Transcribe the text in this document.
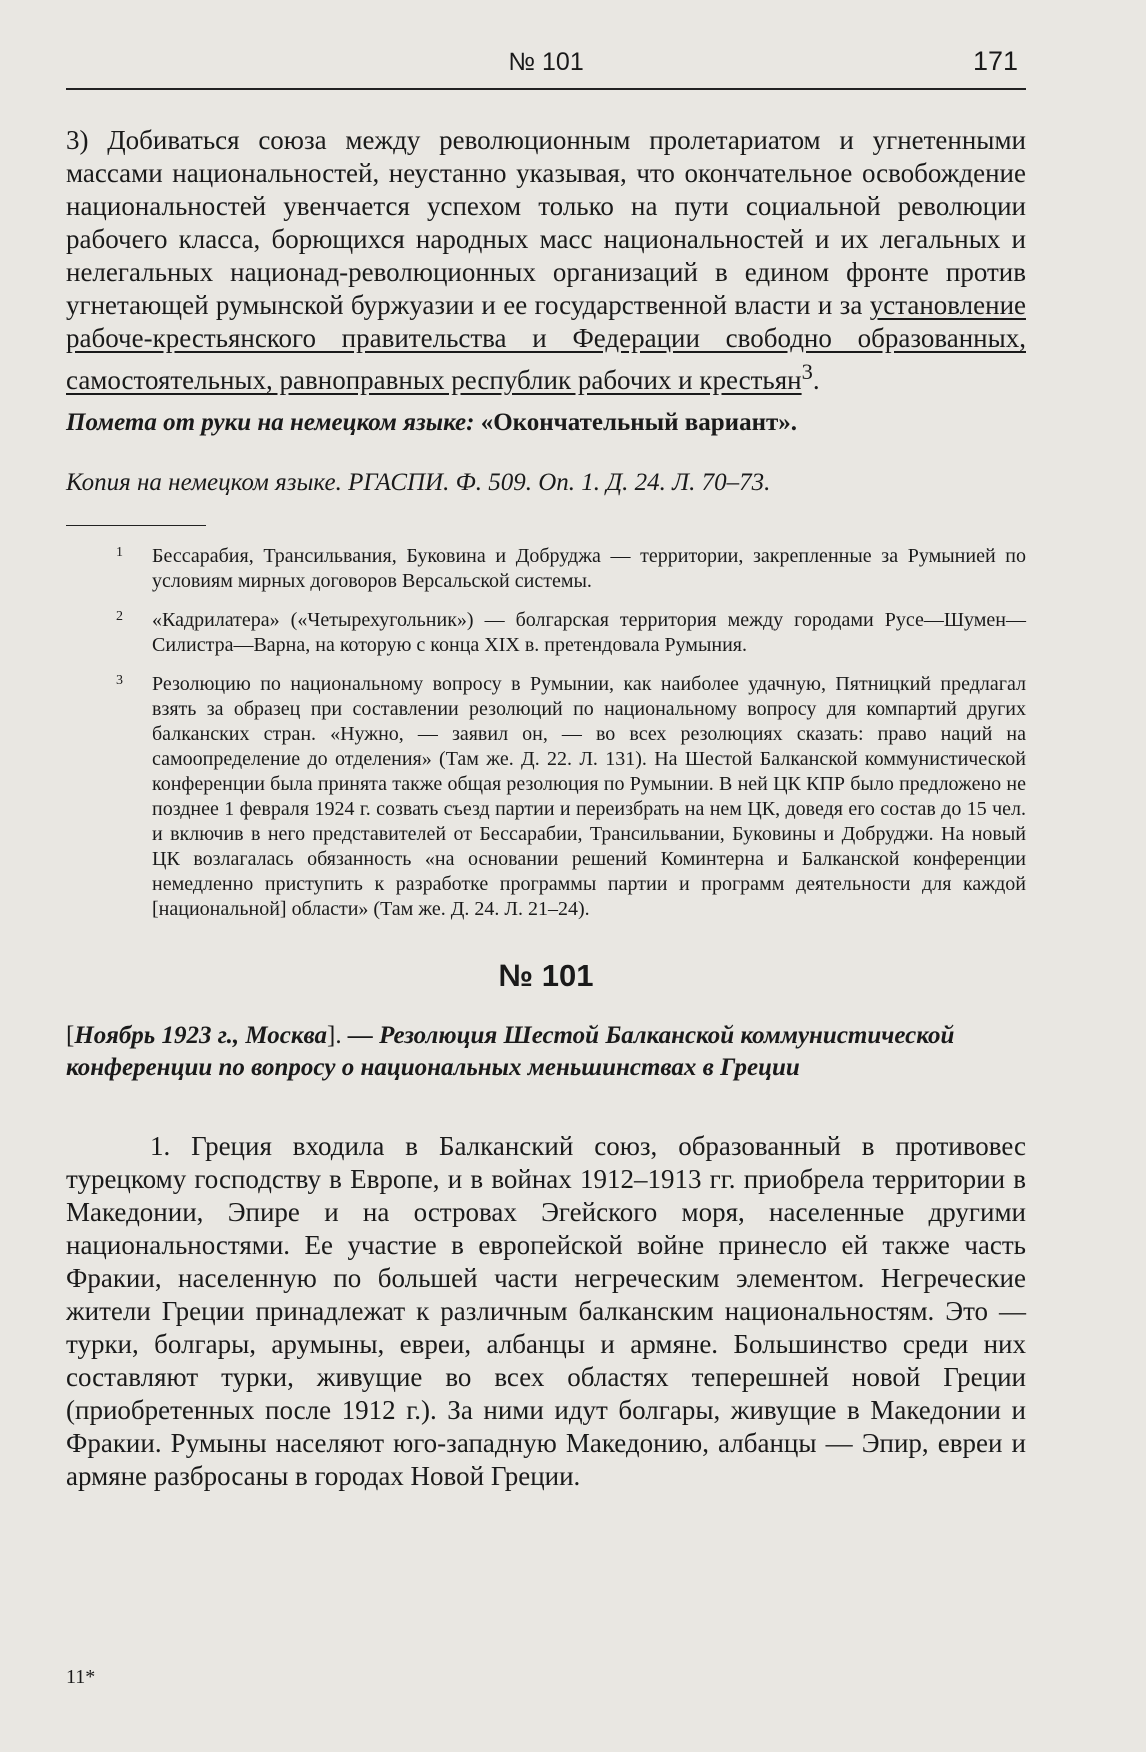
№ 101	171

3) Добиваться союза между революционным пролетариатом и угнетенными массами национальностей, неустанно указывая, что окончательное освобождение национальностей увенчается успехом только на пути социальной революции рабочего класса, борющихся народных масс национальностей и их легальных и нелегальных национад-революционных организаций в едином фронте против угнетающей румынской буржуазии и ее государственной власти и за установление рабоче-крестьянского правительства и Федерации свободно образованных, самостоятельных, равноправных республик рабочих и крестьян$^3$.

Помета от руки на немецком языке: «Окончательный вариант».

Копия на немецком языке. РГАСПИ. Ф. 509. Оп. 1. Д. 24. Л. 70–73.

1	Бессарабия, Трансильвания, Буковина и Добруджа — территории, закрепленные за Румынией по условиям мирных договоров Версальской системы.
2	«Кадрилатера» («Четырехугольник») — болгарская территория между городами Русе—Шумен—Силистра—Варна, на которую с конца XIX в. претендовала Румыния.
3	Резолюцию по национальному вопросу в Румынии, как наиболее удачную, Пятницкий предлагал взять за образец при составлении резолюций по национальному вопросу для компартий других балканских стран. «Нужно, — заявил он, — во всех резолюциях сказать: право наций на самоопределение до отделения» (Там же. Д. 22. Л. 131). На Шестой Балканской коммунистической конференции была принята также общая резолюция по Румынии. В ней ЦК КПР было предложено не позднее 1 февраля 1924 г. созвать съезд партии и переизбрать на нем ЦК, доведя его состав до 15 чел. и включив в него представителей от Бессарабии, Трансильвании, Буковины и Добруджи. На новый ЦК возлагалась обязанность «на основании решений Коминтерна и Балканской конференции немедленно приступить к разработке программы партии и программ деятельности для каждой [национальной] области» (Там же. Д. 24. Л. 21–24).
№ 101

[Ноябрь 1923 г., Москва]. — Резолюция Шестой Балканской коммунистической конференции по вопросу о национальных меньшинствах в Греции

1. Греция входила в Балканский союз, образованный в противовес турецкому господству в Европе, и в войнах 1912–1913 гг. приобрела территории в Македонии, Эпире и на островах Эгейского моря, населенные другими национальностями. Ее участие в европейской войне принесло ей также часть Фракии, населенную по большей части негреческим элементом. Негреческие жители Греции принадлежат к различным балканским национальностям. Это — турки, болгары, арумыны, евреи, албанцы и армяне. Большинство среди них составляют турки, живущие во всех областях теперешней новой Греции (приобретенных после 1912 г.). За ними идут болгары, живущие в Македонии и Фракии. Румыны населяют юго-западную Македонию, албанцы — Эпир, евреи и армяне разбросаны в городах Новой Греции.

11*
